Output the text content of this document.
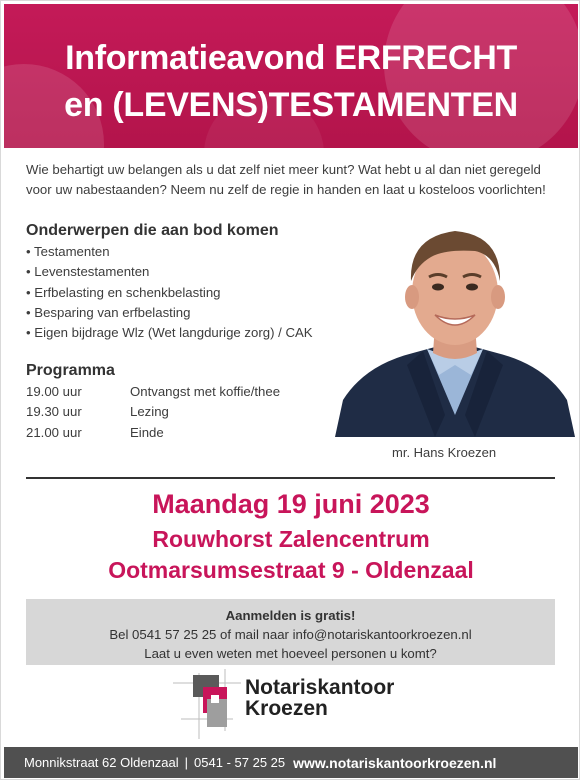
Informatieavond ERFRECHT
en (LEVENS)TESTAMENTEN
Wie behartigt uw belangen als u dat zelf niet meer kunt? Wat hebt u al dan niet geregeld
voor uw nabestaanden? Neem nu zelf de regie in handen en laat u kosteloos voorlichten!
Onderwerpen die aan bod komen
• Testamenten
• Levenstestamenten
• Erfbelasting en schenkbelasting
• Besparing van erfbelasting
• Eigen bijdrage Wlz (Wet langdurige zorg) / CAK
Programma
19.00 uur	Ontvangst met koffie/thee
19.30 uur	Lezing
21.00 uur	Einde
mr. Hans Kroezen
Maandag 19 juni 2023
Rouwhorst Zalencentrum
Ootmarsumsestraat 9 - Oldenzaal
Aanmelden is gratis!
Bel 0541 57 25 25 of mail naar info@notariskantoorkroezen.nl
Laat u even weten met hoeveel personen u komt?
Notariskantoor
Kroezen
Monnikstraat 62 Oldenzaal | 0541 - 57 25 25 www.notariskantoorkroezen.nl
